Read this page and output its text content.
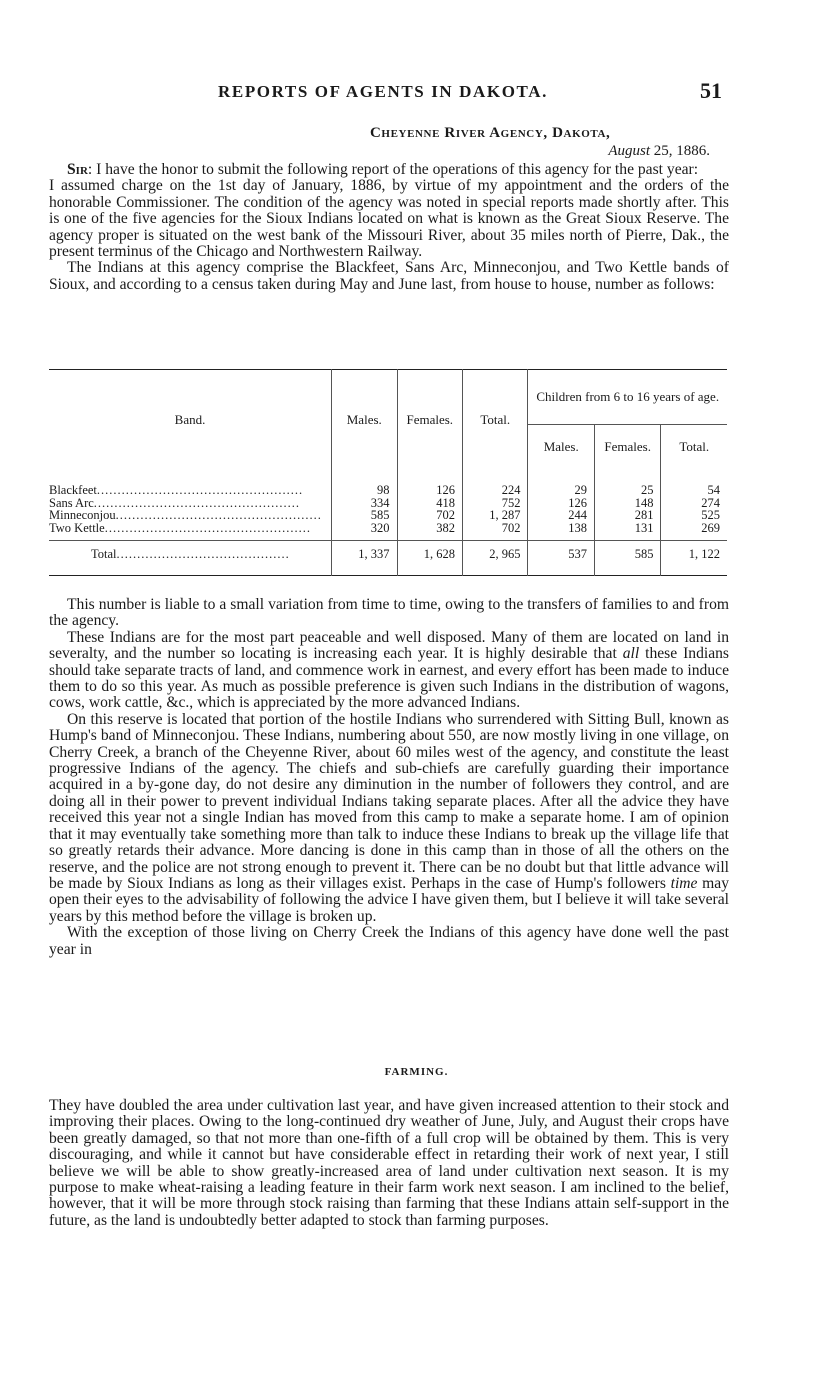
REPORTS OF AGENTS IN DAKOTA.	51
Cheyenne River Agency, Dakota,
August 25, 1886.

Sir: I have the honor to submit the following report of the operations of this agency for the past year:

I assumed charge on the 1st day of January, 1886, by virtue of my appointment and the orders of the honorable Commissioner. The condition of the agency was noted in special reports made shortly after. This is one of the five agencies for the Sioux Indians located on what is known as the Great Sioux Reserve. The agency proper is situated on the west bank of the Missouri River, about 35 miles north of Pierre, Dak., the present terminus of the Chicago and Northwestern Railway.

The Indians at this agency comprise the Blackfeet, Sans Arc, Minneconjou, and Two Kettle bands of Sioux, and according to a census taken during May and June last, from house to house, number as follows:

Band.	Males.	Females.	Total.	Children from 6 to 16 years of age.		
				Males.	Females.	Total.
Blackfeet..................................................	98	126	224	29	25	54
Sans Arc..................................................	334	418	752	126	148	274
Minneconjou..................................................	585	702	1, 287	244	281	525
Two Kettle..................................................	320	382	702	138	131	269
Total..........................................	1, 337	1, 628	2, 965	537	585	1, 122

This number is liable to a small variation from time to time, owing to the transfers of families to and from the agency.

These Indians are for the most part peaceable and well disposed. Many of them are located on land in severalty, and the number so locating is increasing each year. It is highly desirable that all these Indians should take separate tracts of land, and commence work in earnest, and every effort has been made to induce them to do so this year. As much as possible preference is given such Indians in the distribution of wagons, cows, work cattle, &c., which is appreciated by the more advanced Indians.

On this reserve is located that portion of the hostile Indians who surrendered with Sitting Bull, known as Hump's band of Minneconjou. These Indians, numbering about 550, are now mostly living in one village, on Cherry Creek, a branch of the Cheyenne River, about 60 miles west of the agency, and constitute the least progressive Indians of the agency. The chiefs and sub-chiefs are carefully guarding their importance acquired in a by-gone day, do not desire any diminution in the number of followers they control, and are doing all in their power to prevent individual Indians taking separate places. After all the advice they have received this year not a single Indian has moved from this camp to make a separate home. I am of opinion that it may eventually take something more than talk to induce these Indians to break up the village life that so greatly retards their advance. More dancing is done in this camp than in those of all the others on the reserve, and the police are not strong enough to prevent it. There can be no doubt but that little advance will be made by Sioux Indians as long as their villages exist. Perhaps in the case of Hump's followers time may open their eyes to the advisability of following the advice I have given them, but I believe it will take several years by this method before the village is broken up.

With the exception of those living on Cherry Creek the Indians of this agency have done well the past year in

FARMING.

They have doubled the area under cultivation last year, and have given increased attention to their stock and improving their places. Owing to the long-continued dry weather of June, July, and August their crops have been greatly damaged, so that not more than one-fifth of a full crop will be obtained by them. This is very discouraging, and while it cannot but have considerable effect in retarding their work of next year, I still believe we will be able to show greatly-increased area of land under cultivation next season. It is my purpose to make wheat-raising a leading feature in their farm work next season. I am inclined to the belief, however, that it will be more through stock raising than farming that these Indians attain self-support in the future, as the land is undoubtedly better adapted to stock than farming purposes.
